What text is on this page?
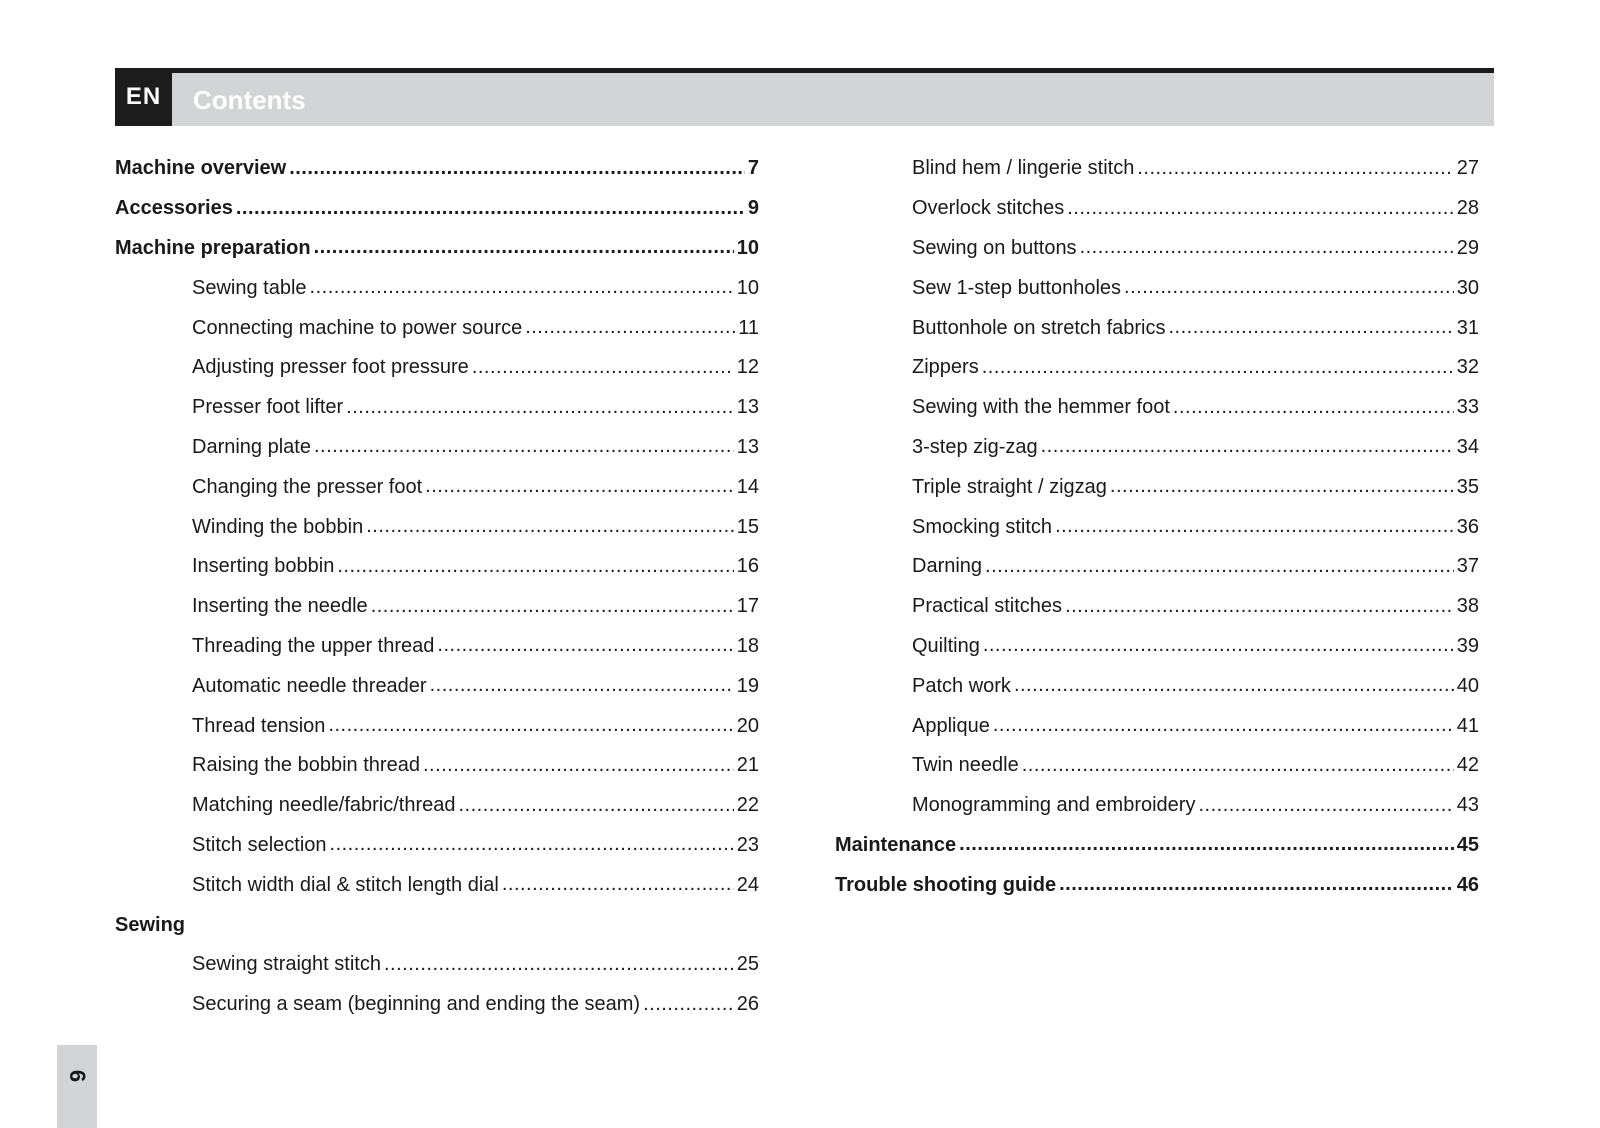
EN	Contents
Machine overview .....	7
Accessories .....	9
Machine preparation .....	10
Sewing table .....	10
Connecting machine to power source .....	11
Adjusting presser foot pressure .....	12
Presser foot lifter .....	13
Darning plate .....	13
Changing the presser foot .....	14
Winding the bobbin .....	15
Inserting bobbin .....	16
Inserting the needle .....	17
Threading the upper thread .....	18
Automatic needle threader .....	19
Thread tension .....	20
Raising the bobbin thread .....	21
Matching needle/fabric/thread .....	22
Stitch selection .....	23
Stitch width dial & stitch length dial .....	24
Sewing
Sewing straight stitch .....	25
Securing a seam (beginning and ending the seam) .....	26
Blind hem / lingerie stitch .....	27
Overlock stitches .....	28
Sewing on buttons .....	29
Sew 1-step buttonholes .....	30
Buttonhole on stretch fabrics .....	31
Zippers .....	32
Sewing with the hemmer foot .....	33
3-step zig-zag .....	34
Triple straight / zigzag .....	35
Smocking stitch .....	36
Darning .....	37
Practical stitches .....	38
Quilting .....	39
Patch work .....	40
Applique .....	41
Twin needle .....	42
Monogramming and embroidery .....	43
Maintenance .....	45
Trouble shooting guide .....	46
6
